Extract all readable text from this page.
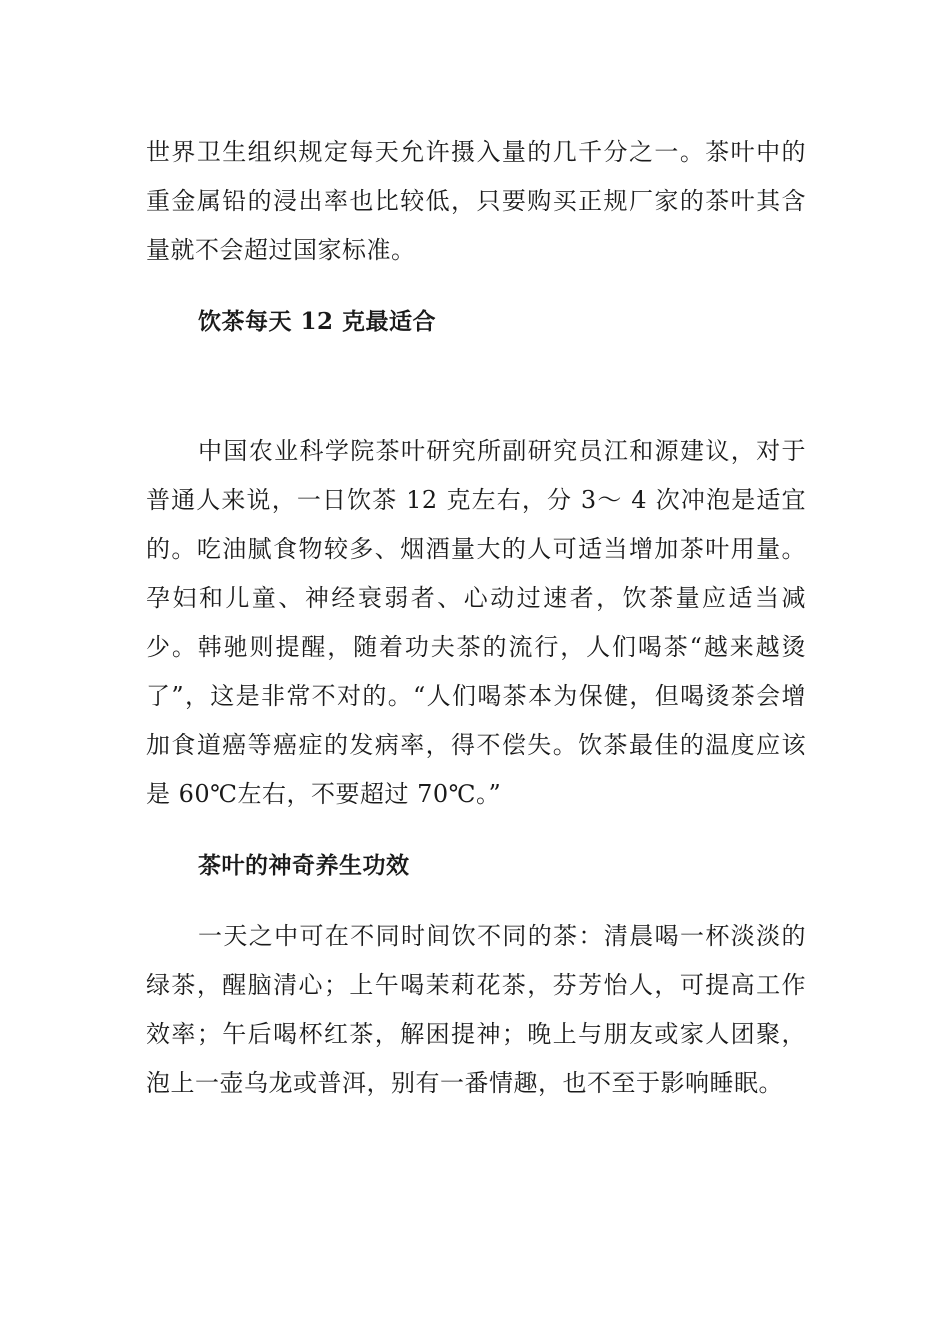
世界卫生组织规定每天允许摄入量的几千分之一。茶叶中的重金属铅的浸出率也比较低，只要购买正规厂家的茶叶其含量就不会超过国家标准。

饮茶每天 12 克最适合

中国农业科学院茶叶研究所副研究员江和源建议，对于普通人来说，一日饮茶 12 克左右，分 3～ 4 次冲泡是适宜的。吃油腻食物较多、烟酒量大的人可适当增加茶叶用量。孕妇和儿童、神经衰弱者、心动过速者，饮茶量应适当减少。韩驰则提醒，随着功夫茶的流行，人们喝茶“越来越烫了”，这是非常不对的。“人们喝茶本为保健，但喝烫茶会增加食道癌等癌症的发病率，得不偿失。饮茶最佳的温度应该是 60℃左右，不要超过 70℃。”

茶叶的神奇养生功效

一天之中可在不同时间饮不同的茶：清晨喝一杯淡淡的绿茶，醒脑清心；上午喝茉莉花茶，芬芳怡人，可提高工作效率；午后喝杯红茶，解困提神；晚上与朋友或家人团聚，泡上一壶乌龙或普洱，别有一番情趣，也不至于影响睡眠。
